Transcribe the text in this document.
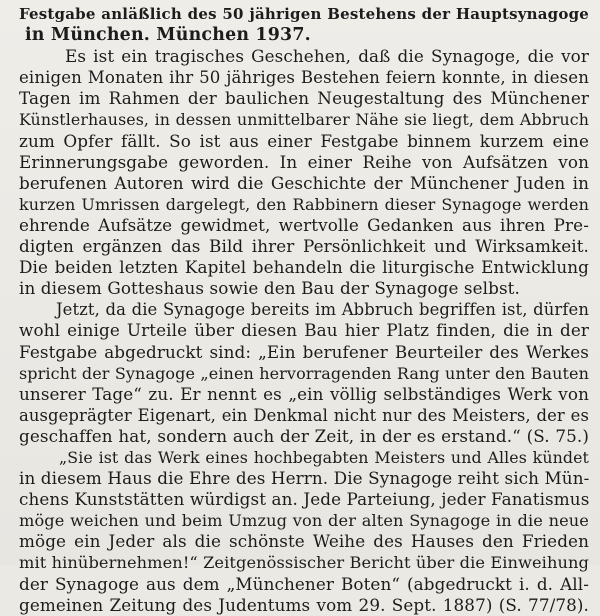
Festgabe anläßlich des 50 jährigen Bestehens der Hauptsynagoge
in München. München 1937.
Es ist ein tragisches Geschehen, daß die Synagoge, die vor
einigen Monaten ihr 50 jähriges Bestehen feiern konnte, in diesen
Tagen im Rahmen der baulichen Neugestaltung des Münchener
Künstlerhauses, in dessen unmittelbarer Nähe sie liegt, dem Abbruch
zum Opfer fällt. So ist aus einer Festgabe binnem kurzem eine
Erinnerungsgabe geworden. In einer Reihe von Aufsätzen von
berufenen Autoren wird die Geschichte der Münchener Juden in
kurzen Umrissen dargelegt, den Rabbinern dieser Synagoge werden
ehrende Aufsätze gewidmet, wertvolle Gedanken aus ihren Pre-
digten ergänzen das Bild ihrer Persönlichkeit und Wirksamkeit.
Die beiden letzten Kapitel behandeln die liturgische Entwicklung
in diesem Gotteshaus sowie den Bau der Synagoge selbst.
Jetzt, da die Synagoge bereits im Abbruch begriffen ist, dürfen
wohl einige Urteile über diesen Bau hier Platz finden, die in der
Festgabe abgedruckt sind: „Ein berufener Beurteiler des Werkes
spricht der Synagoge „einen hervorragenden Rang unter den Bauten
unserer Tage“ zu. Er nennt es „ein völlig selbständiges Werk von
ausgeprägter Eigenart, ein Denkmal nicht nur des Meisters, der es
geschaffen hat, sondern auch der Zeit, in der es erstand.“ (S. 75.)
„Sie ist das Werk eines hochbegabten Meisters und Alles kündet
in diesem Haus die Ehre des Herrn. Die Synagoge reiht sich Mün-
chens Kunststätten würdigst an. Jede Parteiung, jeder Fanatismus
möge weichen und beim Umzug von der alten Synagoge in die neue
möge ein Jeder als die schönste Weihe des Hauses den Frieden
mit hinübernehmen!“ Zeitgenössischer Bericht über die Einweihung
der Synagoge aus dem „Münchener Boten“ (abgedruckt i. d. All-
gemeinen Zeitung des Judentums vom 29. Sept. 1887) (S. 77/78).
